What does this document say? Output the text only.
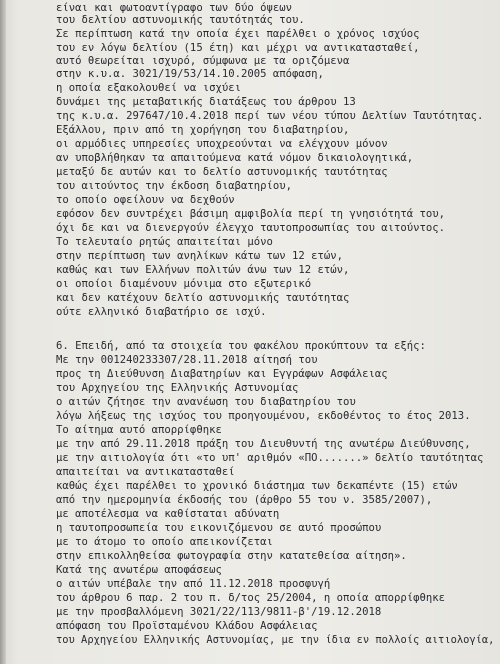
είναι και φωτοαντίγραφο των δύο όψεων
του δελτίου αστυνομικής ταυτότητάς του.
Σε περίπτωση κατά την οποία έχει παρέλθει ο χρόνος ισχύος
του εν λόγω δελτίου (15 έτη) και μέχρι να αντικατασταθεί,
αυτό θεωρείται ισχυρό, σύμφωνα με τα οριζόμενα
στην κ.υ.α. 3021/19/53/14.10.2005 απόφαση,
η οποία εξακολουθεί να ισχύει
δυνάμει της μεταβατικής διατάξεως του άρθρου 13
της κ.υ.α. 297647/10.4.2018 περί των νέου τύπου Δελτίων Ταυτότητας.
Εξάλλου, πριν από τη χορήγηση του διαβατηρίου,
οι αρμόδιες υπηρεσίες υποχρεούνται να ελέγχουν μόνον
αν υποβλήθηκαν τα απαιτούμενα κατά νόμον δικαιολογητικά,
μεταξύ δε αυτών και το δελτίο αστυνομικής ταυτότητας
του αιτούντος την έκδοση διαβατηρίου,
το οποίο οφείλουν να δεχθούν
εφόσον δεν συντρέχει βάσιμη αμφιβολία περί τη γνησιότητά του,
όχι δε και να διενεργούν έλεγχο ταυτοπροσωπίας του αιτούντος.
Το τελευταίο ρητώς απαιτείται μόνο
στην περίπτωση των ανηλίκων κάτω των 12 ετών,
καθώς και των Ελλήνων πολιτών άνω των 12 ετών,
οι οποίοι διαμένουν μόνιμα στο εξωτερικό
και δεν κατέχουν δελτίο αστυνομικής ταυτότητας
ούτε ελληνικό διαβατήριο σε ισχύ.
6. Επειδή, από τα στοιχεία του φακέλου προκύπτουν τα εξής:
Με την 001240233307/28.11.2018 αίτησή του
προς τη Διεύθυνση Διαβατηρίων και Εγγράφων Ασφάλειας
του Αρχηγείου της Ελληνικής Αστυνομίας
ο αιτών ζήτησε την ανανέωση του διαβατηρίου του
λόγω λήξεως της ισχύος του προηγουμένου, εκδοθέντος το έτος 2013.
Το αίτημα αυτό απορρίφθηκε
με την από 29.11.2018 πράξη του Διευθυντή της ανωτέρω Διεύθυνσης,
με την αιτιολογία ότι «το υπ' αριθμόν «ΠΟ.......» δελτίο ταυτότητας
απαιτείται να αντικατασταθεί
καθώς έχει παρέλθει το χρονικό διάστημα των δεκαπέντε (15) ετών
από την ημερομηνία έκδοσής του (άρθρο 55 του ν. 3585/2007),
με αποτέλεσμα να καθίσταται αδύνατη
η ταυτοπροσωπεία του εικονιζόμενου σε αυτό προσώπου
με το άτομο το οποίο απεικονίζεται
στην επικολληθείσα φωτογραφία στην κατατεθείσα αίτηση».
Κατά της ανωτέρω αποφάσεως
ο αιτών υπέβαλε την από 11.12.2018 προσφυγή
του άρθρου 6 παρ. 2 του π. δ/τος 25/2004, η οποία απορρίφθηκε
με την προσβαλλόμενη 3021/22/113/9811-β'/19.12.2018
απόφαση του Προϊσταμένου Κλάδου Ασφάλειας
του Αρχηγείου Ελληνικής Αστυνομίας, με την ίδια εν πολλοίς αιτιολογία,
